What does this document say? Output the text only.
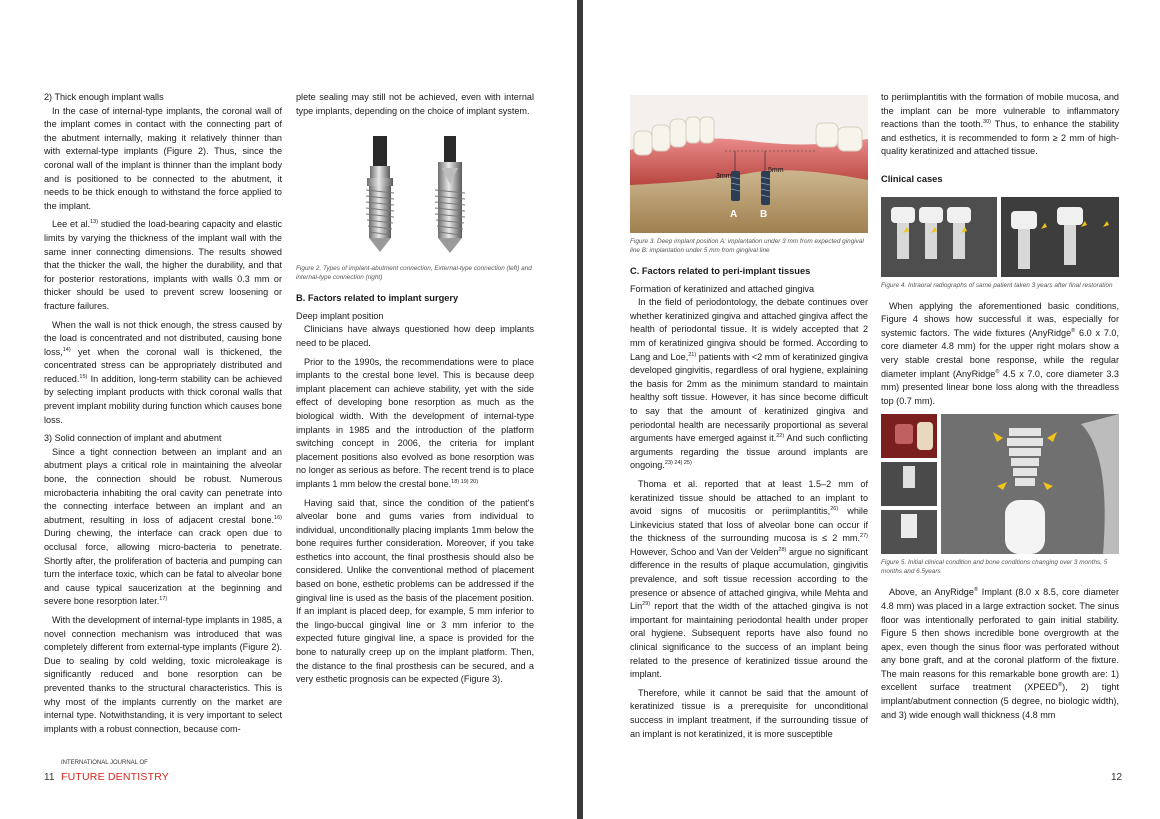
2) Thick enough implant walls

In the case of internal-type implants, the coronal wall of the implant comes in contact with the connecting part of the abutment internally, making it relatively thinner than with external-type implants (Figure 2). Thus, since the coronal wall of the implant is thinner than the implant body and is positioned to be connected to the abutment, it needs to be thick enough to withstand the force applied to the implant.

Lee et al.$^{13)}$ studied the load-bearing capacity and elastic limits by varying the thickness of the implant wall with the same inner connecting dimensions. The results showed that the thicker the wall, the higher the durability, and that for posterior restorations, implants with walls 0.3 mm or thicker should be used to prevent screw loosening or fracture failures.

When the wall is not thick enough, the stress caused by the load is concentrated and not distributed, causing bone loss,$^{14)}$ yet when the coronal wall is thickened, the concentrated stress can be appropriately distributed and reduced.$^{15)}$ In addition, long-term stability can be achieved by selecting implant products with thick coronal walls that prevent implant mobility during function which causes bone loss.

3) Solid connection of implant and abutment

Since a tight connection between an implant and an abutment plays a critical role in maintaining the alveolar bone, the connection should be robust. Numerous microbacteria inhabiting the oral cavity can penetrate into the connecting interface between an implant and an abutment, resulting in loss of adjacent crestal bone.$^{16)}$ During chewing, the interface can crack open due to occlusal force, allowing micro-bacteria to penetrate. Shortly after, the proliferation of bacteria and pumping can turn the interface toxic, which can be fatal to alveolar bone and cause typical saucerization at the beginning and severe bone resorption later.$^{17)}$

With the development of internal-type implants in 1985, a novel connection mechanism was introduced that was completely different from external-type implants (Figure 2). Due to sealing by cold welding, toxic microleakage is significantly reduced and bone resorption can be prevented thanks to the structural characteristics. This is why most of the implants currently on the market are internal type. Notwithstanding, it is very important to select implants with a robust connection, because com-

plete sealing may still not be achieved, even with internal type implants, depending on the choice of implant system.

Figure 2. Types of implant-abutment connection, External-type connection (left) and internal-type connection (right)
B. Factors related to implant surgery
Deep implant position

Clinicians have always questioned how deep implants need to be placed.

Prior to the 1990s, the recommendations were to place implants to the crestal bone level. This is because deep implant placement can achieve stability, yet with the side effect of developing bone resorption as much as the biological width. With the development of internal-type implants in 1985 and the introduction of the platform switching concept in 2006, the criteria for implant placement positions also evolved as bone resorption was no longer as serious as before. The recent trend is to place implants 1 mm below the crestal bone.$^{18) 19) 20)}$

Having said that, since the condition of the patient's alveolar bone and gums varies from individual to individual, unconditionally placing implants 1mm below the bone requires further consideration. Moreover, if you take esthetics into account, the final prosthesis should also be considered. Unlike the conventional method of placement based on bone, esthetic problems can be addressed if the gingival line is used as the basis of the placement position. If an implant is placed deep, for example, 5 mm inferior to the lingo-buccal gingival line or 3 mm inferior to the expected future gingival line, a space is provided for the bone to naturally creep up on the implant platform. Then, the distance to the final prosthesis can be secured, and a very esthetic prognosis can be expected (Figure 3).

INTERNATIONAL JOURNAL OF
11 FUTURE DENTISTRY
3mm
5mm
A B
Figure 3. Deep implant position A: implantation under 3 mm from expected gingival line B: implantation under 5 mm from gingival line
C. Factors related to peri-implant tissues
Formation of keratinized and attached gingiva

In the field of periodontology, the debate continues over whether keratinized gingiva and attached gingiva affect the health of periodontal tissue. It is widely accepted that 2 mm of keratinized gingiva should be formed. According to Lang and Loe,$^{21)}$ patients with <2 mm of keratinized gingiva developed gingivitis, regardless of oral hygiene, explaining the basis for 2mm as the minimum standard to maintain healthy soft tissue. However, it has since become difficult to say that the amount of keratinized gingiva and periodontal health are necessarily proportional as several arguments have emerged against it.$^{22)}$ And such conflicting arguments regarding the tissue around implants are ongoing.$^{23) 24) 25)}$

Thoma et al. reported that at least 1.5–2 mm of keratinized tissue should be attached to an implant to avoid signs of mucositis or periimplantitis,$^{26)}$ while Linkevicius stated that loss of alveolar bone can occur if the thickness of the surrounding mucosa is ≤ 2 mm.$^{27)}$ However, Schoo and Van der Velden$^{28)}$ argue no significant difference in the results of plaque accumulation, gingivitis prevalence, and soft tissue recession according to the presence or absence of attached gingiva, while Mehta and Lin$^{29)}$ report that the width of the attached gingiva is not important for maintaining periodontal health under proper oral hygiene. Subsequent reports have also found no clinical significance to the success of an implant being related to the presence of keratinized tissue around the implant.

Therefore, while it cannot be said that the amount of keratinized tissue is a prerequisite for unconditional success in implant treatment, if the surrounding tissue of an implant is not keratinized, it is more susceptible

to periimplantitis with the formation of mobile mucosa, and the implant can be more vulnerable to inflammatory reactions than the tooth.$^{30)}$ Thus, to enhance the stability and esthetics, it is recommended to form ≥ 2 mm of high-quality keratinized and attached tissue.

Clinical cases
Figure 4. Intraoral radiographs of same patient taken 3 years after final restoration

When applying the aforementioned basic conditions, Figure 4 shows how successful it was, especially for systemic factors. The wide fixtures (AnyRidge® 6.0 x 7.0, core diameter 4.8 mm) for the upper right molars show a very stable crestal bone response, while the regular diameter implant (AnyRidge® 4.5 x 7.0, core diameter 3.3 mm) presented linear bone loss along with the threadless top (0.7 mm).

Figure 5. Initial clinical condition and bone conditions changing over 3 months, 5 months and 6.5years

Above, an AnyRidge® Implant (8.0 x 8.5, core diameter 4.8 mm) was placed in a large extraction socket. The sinus floor was intentionally perforated to gain initial stability. Figure 5 then shows incredible bone overgrowth at the apex, even though the sinus floor was perforated without any bone graft, and at the coronal platform of the fixture. The main reasons for this remarkable bone growth are: 1) excellent surface treatment (XPEED®), 2) tight implant/abutment connection (5 degree, no biologic width), and 3) wide enough wall thickness (4.8 mm

12
